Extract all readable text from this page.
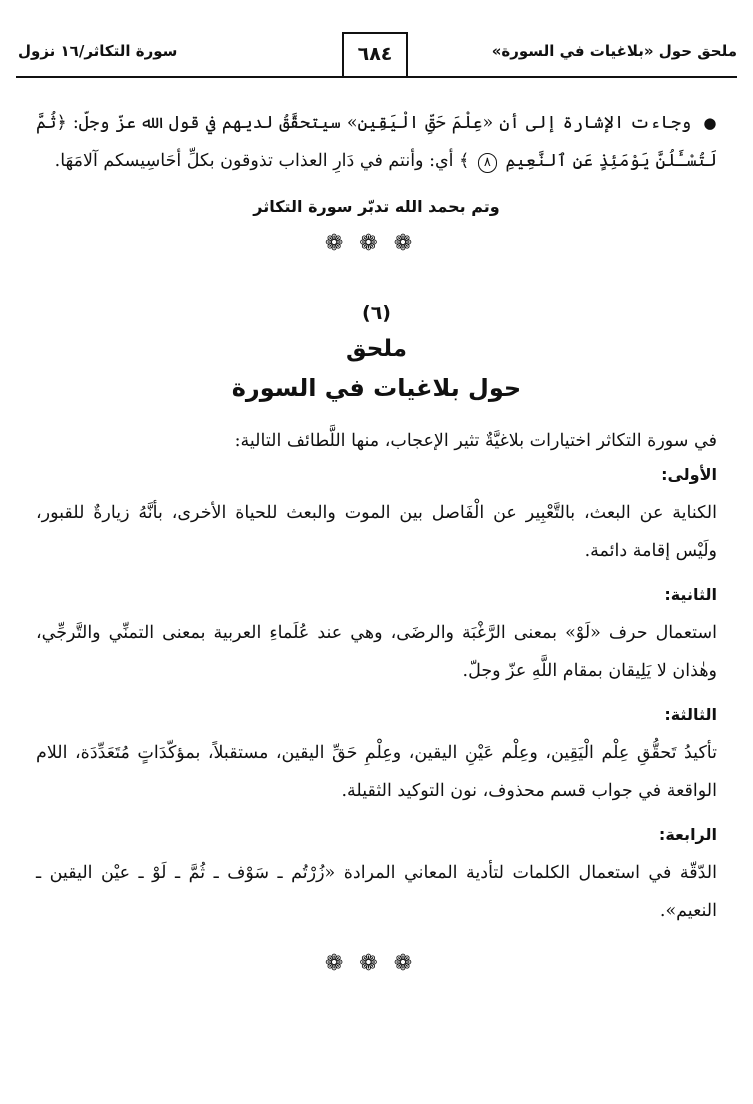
ملحق حول «بلاغيات في السورة»
٦٨٤
سورة التكاثر/١٦ نزول

● وجاءت الإشارة إلى أن «عِلْمَ حَقِّ الْيَقِين» سيتحقَّقُ لديهم في قول الله عزّ وجلّ: ﴿ثُمَّ لَتُسْـَٔلُنَّ يَوْمَئِذٍ عَنِ ٱلنَّعِيمِ ٨ ﴾ أي: وأنتم في دَارِ العذاب تذوقون بكلِّ أحَاسِيسكم آلامَهَا.

وتم بحمد الله تدبّر سورة التكاثر
❁❁❁
(٦)
ملحق
حول بلاغيات في السورة

في سورة التكاثر اختيارات بلاغيَّةٌ تثير الإعجاب، منها اللَّطائف التالية:

الأولى:

الكناية عن البعث، بالتَّعْبِير عن الْفَاصل بين الموت والبعث للحياة الأخرى، بأنَّهُ زيارةٌ للقبور، ولَيْس إقامة دائمة.

الثانية:

استعمال حرف «لَوْ» بمعنى الرَّغْبَة والرضَى، وهي عند عُلَماءِ العربية بمعنى التمنِّي والتَّرجِّي، وهٰذان لا يَلِيقان بمقام اللَّهِ عزّ وجلّ.

الثالثة:

تأكيدُ تَحقُّقِ عِلْم الْيَقِين، وعِلْم عَيْنِ اليقين، وعِلْمِ حَقِّ اليقين، مستقبلاً، بمؤكّدَاتٍ مُتَعَدِّدَة، اللام الواقعة في جواب قسم محذوف، نون التوكيد الثقيلة.

الرابعة:

الدّقّة في استعمال الكلمات لتأدية المعاني المرادة «زُرْتُم ـ سَوْف ـ ثُمَّ ـ لَوْ ـ عيْن اليقين ـ النعيم».

❁❁❁
